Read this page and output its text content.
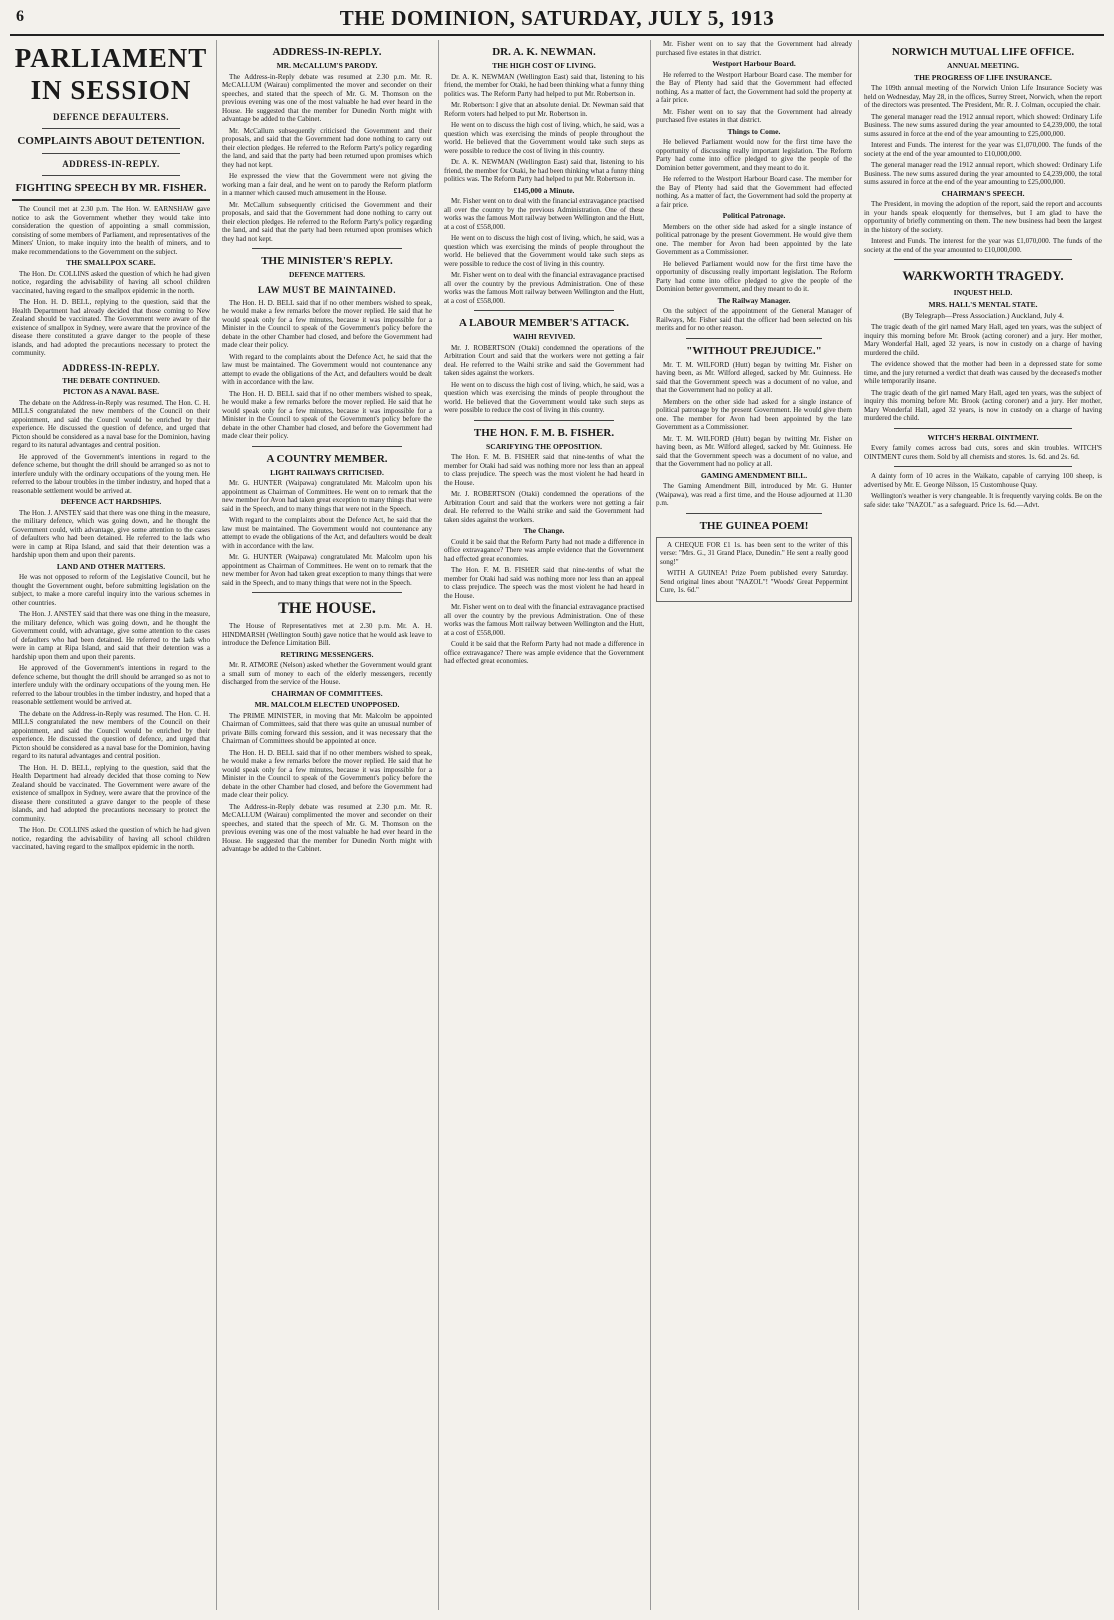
6	THE DOMINION, SATURDAY, JULY 5, 1913
PARLIAMENT IN SESSION
DEFENCE DEFAULTERS.
COMPLAINTS ABOUT DETENTION.
ADDRESS-IN-REPLY.
FIGHTING SPEECH BY MR. FISHER.

The Council met at 2.30 p.m. The Hon. W. EARNSHAW gave notice to ask the Government whether they would take into consideration the question of appointing a small commission, consisting of some members of Parliament, and representatives of the Miners' Union, to make inquiry into the health of miners, and to make recommendations to the Government on the subject.

THE SMALLPOX SCARE.

The Hon. Dr. COLLINS asked the question of which he had given notice, regarding the advisability of having all school children vaccinated, having regard to the smallpox epidemic in the north.

The Hon. H. D. BELL, replying to the question, said that the Health Department had already decided that those coming to New Zealand should be vaccinated. The Government were aware of the existence of smallpox in Sydney, were aware that the province of the disease there constituted a grave danger to the people of these islands, and had adopted the precautions necessary to protect the community.

ADDRESS-IN-REPLY.
THE DEBATE CONTINUED.
PICTON AS A NAVAL BASE.

The debate on the Address-in-Reply was resumed. The Hon. C. H. MILLS congratulated the new members of the Council on their appointment, and said the Council would be enriched by their experience. He discussed the question of defence, and urged that Picton should be considered as a naval base for the Dominion, having regard to its natural advantages and central position.

He approved of the Government's intentions in regard to the defence scheme, but thought the drill should be arranged so as not to interfere unduly with the ordinary occupations of the young men. He referred to the labour troubles in the timber industry, and hoped that a reasonable settlement would be arrived at.

DEFENCE ACT HARDSHIPS.

The Hon. J. ANSTEY said that there was one thing in the measure, the military defence, which was going down, and he thought the Government could, with advantage, give some attention to the cases of defaulters who had been detained. He referred to the lads who were in camp at Ripa Island, and said that their detention was a hardship upon them and upon their parents.

LAND AND OTHER MATTERS.

He was not opposed to reform of the Legislative Council, but he thought the Government ought, before submitting legislation on the subject, to make a more careful inquiry into the various schemes in other countries.

The Hon. J. ANSTEY said that there was one thing in the measure, the military defence, which was going down, and he thought the Government could, with advantage, give some attention to the cases of defaulters who had been detained. He referred to the lads who were in camp at Ripa Island, and said that their detention was a hardship upon them and upon their parents.

He approved of the Government's intentions in regard to the defence scheme, but thought the drill should be arranged so as not to interfere unduly with the ordinary occupations of the young men. He referred to the labour troubles in the timber industry, and hoped that a reasonable settlement would be arrived at.

The debate on the Address-in-Reply was resumed. The Hon. C. H. MILLS congratulated the new members of the Council on their appointment, and said the Council would be enriched by their experience. He discussed the question of defence, and urged that Picton should be considered as a naval base for the Dominion, having regard to its natural advantages and central position.

The Hon. H. D. BELL, replying to the question, said that the Health Department had already decided that those coming to New Zealand should be vaccinated. The Government were aware of the existence of smallpox in Sydney, were aware that the province of the disease there constituted a grave danger to the people of these islands, and had adopted the precautions necessary to protect the community.

The Hon. Dr. COLLINS asked the question of which he had given notice, regarding the advisability of having all school children vaccinated, having regard to the smallpox epidemic in the north.

ADDRESS-IN-REPLY.
MR. McCALLUM'S PARODY.

The Address-in-Reply debate was resumed at 2.30 p.m. Mr. R. McCALLUM (Wairau) complimented the mover and seconder on their speeches, and stated that the speech of Mr. G. M. Thomson on the previous evening was one of the most valuable he had ever heard in the House. He suggested that the member for Dunedin North might with advantage be added to the Cabinet.

Mr. McCallum subsequently criticised the Government and their proposals, and said that the Government had done nothing to carry out their election pledges. He referred to the Reform Party's policy regarding the land, and said that the party had been returned upon promises which they had not kept.

He expressed the view that the Government were not giving the working man a fair deal, and he went on to parody the Reform platform in a manner which caused much amusement in the House.

Mr. McCallum subsequently criticised the Government and their proposals, and said that the Government had done nothing to carry out their election pledges. He referred to the Reform Party's policy regarding the land, and said that the party had been returned upon promises which they had not kept.

THE MINISTER'S REPLY.
DEFENCE MATTERS.
LAW MUST BE MAINTAINED.

The Hon. H. D. BELL said that if no other members wished to speak, he would make a few remarks before the mover replied. He said that he would speak only for a few minutes, because it was impossible for a Minister in the Council to speak of the Government's policy before the debate in the other Chamber had closed, and before the Government had made clear their policy.

With regard to the complaints about the Defence Act, he said that the law must be maintained. The Government would not countenance any attempt to evade the obligations of the Act, and defaulters would be dealt with in accordance with the law.

The Hon. H. D. BELL said that if no other members wished to speak, he would make a few remarks before the mover replied. He said that he would speak only for a few minutes, because it was impossible for a Minister in the Council to speak of the Government's policy before the debate in the other Chamber had closed, and before the Government had made clear their policy.

A COUNTRY MEMBER.
LIGHT RAILWAYS CRITICISED.

Mr. G. HUNTER (Waipawa) congratulated Mr. Malcolm upon his appointment as Chairman of Committees. He went on to remark that the new member for Avon had taken great exception to many things that were said in the Speech, and to many things that were not in the Speech.

With regard to the complaints about the Defence Act, he said that the law must be maintained. The Government would not countenance any attempt to evade the obligations of the Act, and defaulters would be dealt with in accordance with the law.

Mr. G. HUNTER (Waipawa) congratulated Mr. Malcolm upon his appointment as Chairman of Committees. He went on to remark that the new member for Avon had taken great exception to many things that were said in the Speech, and to many things that were not in the Speech.

THE HOUSE.

The House of Representatives met at 2.30 p.m. Mr. A. H. HINDMARSH (Wellington South) gave notice that he would ask leave to introduce the Defence Limitation Bill.

RETIRING MESSENGERS.

Mr. R. ATMORE (Nelson) asked whether the Government would grant a small sum of money to each of the elderly messengers, recently discharged from the service of the House.

CHAIRMAN OF COMMITTEES.
MR. MALCOLM ELECTED UNOPPOSED.

The PRIME MINISTER, in moving that Mr. Malcolm be appointed Chairman of Committees, said that there was quite an unusual number of private Bills coming forward this session, and it was necessary that the Chairman of Committees should be appointed at once.

The Hon. H. D. BELL said that if no other members wished to speak, he would make a few remarks before the mover replied. He said that he would speak only for a few minutes, because it was impossible for a Minister in the Council to speak of the Government's policy before the debate in the other Chamber had closed, and before the Government had made clear their policy.

The Address-in-Reply debate was resumed at 2.30 p.m. Mr. R. McCALLUM (Wairau) complimented the mover and seconder on their speeches, and stated that the speech of Mr. G. M. Thomson on the previous evening was one of the most valuable he had ever heard in the House. He suggested that the member for Dunedin North might with advantage be added to the Cabinet.

DR. A. K. NEWMAN.
THE HIGH COST OF LIVING.

Dr. A. K. NEWMAN (Wellington East) said that, listening to his friend, the member for Otaki, he had been thinking what a funny thing politics was. The Reform Party had helped to put Mr. Robertson in.

Mr. Robertson: I give that an absolute denial. Dr. Newman said that Reform voters had helped to put Mr. Robertson in.

He went on to discuss the high cost of living, which, he said, was a question which was exercising the minds of people throughout the world. He believed that the Government would take such steps as were possible to reduce the cost of living in this country.

Dr. A. K. NEWMAN (Wellington East) said that, listening to his friend, the member for Otaki, he had been thinking what a funny thing politics was. The Reform Party had helped to put Mr. Robertson in.

£145,000 a Minute.

Mr. Fisher went on to deal with the financial extravagance practised all over the country by the previous Administration. One of these works was the famous Mott railway between Wellington and the Hutt, at a cost of £558,000.

He went on to discuss the high cost of living, which, he said, was a question which was exercising the minds of people throughout the world. He believed that the Government would take such steps as were possible to reduce the cost of living in this country.

Mr. Fisher went on to deal with the financial extravagance practised all over the country by the previous Administration. One of these works was the famous Mott railway between Wellington and the Hutt, at a cost of £558,000.

A LABOUR MEMBER'S ATTACK.
WAIHI REVIVED.

Mr. J. ROBERTSON (Otaki) condemned the operations of the Arbitration Court and said that the workers were not getting a fair deal. He referred to the Waihi strike and said the Government had taken sides against the workers.

He went on to discuss the high cost of living, which, he said, was a question which was exercising the minds of people throughout the world. He believed that the Government would take such steps as were possible to reduce the cost of living in this country.

THE HON. F. M. B. FISHER.
SCARIFYING THE OPPOSITION.

The Hon. F. M. B. FISHER said that nine-tenths of what the member for Otaki had said was nothing more nor less than an appeal to class prejudice. The speech was the most violent he had heard in the House.

Mr. J. ROBERTSON (Otaki) condemned the operations of the Arbitration Court and said that the workers were not getting a fair deal. He referred to the Waihi strike and said the Government had taken sides against the workers.

The Change.

Could it be said that the Reform Party had not made a difference in office extravagance? There was ample evidence that the Government had effected great economies.

The Hon. F. M. B. FISHER said that nine-tenths of what the member for Otaki had said was nothing more nor less than an appeal to class prejudice. The speech was the most violent he had heard in the House.

Mr. Fisher went on to deal with the financial extravagance practised all over the country by the previous Administration. One of these works was the famous Mott railway between Wellington and the Hutt, at a cost of £558,000.

Could it be said that the Reform Party had not made a difference in office extravagance? There was ample evidence that the Government had effected great economies.

Mr. Fisher went on to say that the Government had already purchased five estates in that district.

Westport Harbour Board.

He referred to the Westport Harbour Board case. The member for the Bay of Plenty had said that the Government had effected nothing. As a matter of fact, the Government had sold the property at a fair price.

Mr. Fisher went on to say that the Government had already purchased five estates in that district.

Things to Come.

He believed Parliament would now for the first time have the opportunity of discussing really important legislation. The Reform Party had come into office pledged to give the people of the Dominion better government, and they meant to do it.

He referred to the Westport Harbour Board case. The member for the Bay of Plenty had said that the Government had effected nothing. As a matter of fact, the Government had sold the property at a fair price.

Political Patronage.

Members on the other side had asked for a single instance of political patronage by the present Government. He would give them one. The member for Avon had been appointed by the late Government as a Commissioner.

He believed Parliament would now for the first time have the opportunity of discussing really important legislation. The Reform Party had come into office pledged to give the people of the Dominion better government, and they meant to do it.

The Railway Manager.

On the subject of the appointment of the General Manager of Railways, Mr. Fisher said that the officer had been selected on his merits and for no other reason.

"WITHOUT PREJUDICE."

Mr. T. M. WILFORD (Hutt) began by twitting Mr. Fisher on having been, as Mr. Wilford alleged, sacked by Mr. Guinness. He said that the Government speech was a document of no value, and that the Government had no policy at all.

Members on the other side had asked for a single instance of political patronage by the present Government. He would give them one. The member for Avon had been appointed by the late Government as a Commissioner.

Mr. T. M. WILFORD (Hutt) began by twitting Mr. Fisher on having been, as Mr. Wilford alleged, sacked by Mr. Guinness. He said that the Government speech was a document of no value, and that the Government had no policy at all.

GAMING AMENDMENT BILL.

The Gaming Amendment Bill, introduced by Mr. G. Hunter (Waipawa), was read a first time, and the House adjourned at 11.30 p.m.

THE GUINEA POEM!

A CHEQUE FOR £1 1s. has been sent to the writer of this verse: "Mrs. G., 31 Grand Place, Dunedin." He sent a really good song!"

WITH A GUINEA! Prize Poem published every Saturday. Send original lines about "NAZOL"! "Woods' Great Peppermint Cure, 1s. 6d."

NORWICH MUTUAL LIFE OFFICE.
ANNUAL MEETING.
THE PROGRESS OF LIFE INSURANCE.

The 109th annual meeting of the Norwich Union Life Insurance Society was held on Wednesday, May 28, in the offices, Surrey Street, Norwich, when the report of the directors was presented. The President, Mr. R. J. Colman, occupied the chair.

The general manager read the 1912 annual report, which showed: Ordinary Life Business. The new sums assured during the year amounted to £4,239,000, the total sums assured in force at the end of the year amounting to £25,000,000.

Interest and Funds. The interest for the year was £1,070,000. The funds of the society at the end of the year amounted to £10,000,000.

The general manager read the 1912 annual report, which showed: Ordinary Life Business. The new sums assured during the year amounted to £4,239,000, the total sums assured in force at the end of the year amounting to £25,000,000.

CHAIRMAN'S SPEECH.

The President, in moving the adoption of the report, said the report and accounts in your hands speak eloquently for themselves, but I am glad to have the opportunity of briefly commenting on them. The new business had been the largest in the history of the society.

Interest and Funds. The interest for the year was £1,070,000. The funds of the society at the end of the year amounted to £10,000,000.

WARKWORTH TRAGEDY.
INQUEST HELD.
MRS. HALL'S MENTAL STATE.
(By Telegraph—Press Association.) Auckland, July 4.

The tragic death of the girl named Mary Hall, aged ten years, was the subject of inquiry this morning before Mr. Brook (acting coroner) and a jury. Her mother, Mary Wonderfal Hall, aged 32 years, is now in custody on a charge of having murdered the child.

The evidence showed that the mother had been in a depressed state for some time, and the jury returned a verdict that death was caused by the deceased's mother while temporarily insane.

The tragic death of the girl named Mary Hall, aged ten years, was the subject of inquiry this morning before Mr. Brook (acting coroner) and a jury. Her mother, Mary Wonderfal Hall, aged 32 years, is now in custody on a charge of having murdered the child.

WITCH'S HERBAL OINTMENT.

Every family comes across bad cuts, sores and skin troubles. WITCH'S OINTMENT cures them. Sold by all chemists and stores. 1s. 6d. and 2s. 6d.

A dainty form of 10 acres in the Waikato, capable of carrying 100 sheep, is advertised by Mr. E. George Nilsson, 15 Customhouse Quay.

Wellington's weather is very changeable. It is frequently varying colds. Be on the safe side: take "NAZOL" as a safeguard. Price 1s. 6d.—Advt.
